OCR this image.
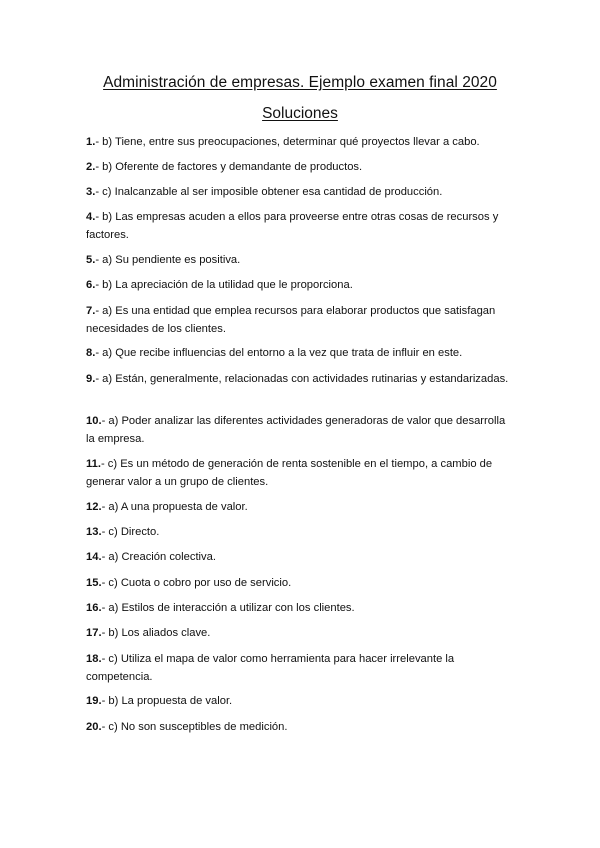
Administración de empresas. Ejemplo examen final 2020
Soluciones

1.- b) Tiene, entre sus preocupaciones, determinar qué proyectos llevar a cabo.

2.- b) Oferente de factores y demandante de productos.

3.- c) Inalcanzable al ser imposible obtener esa cantidad de producción.

4.- b) Las empresas acuden a ellos para proveerse entre otras cosas de recursos y factores.

5.- a) Su pendiente es positiva.

6.- b) La apreciación de la utilidad que le proporciona.

7.- a) Es una entidad que emplea recursos para elaborar productos que satisfagan necesidades de los clientes.

8.- a) Que recibe influencias del entorno a la vez que trata de influir en este.

9.- a) Están, generalmente, relacionadas con actividades rutinarias y estandarizadas.

10.- a) Poder analizar las diferentes actividades generadoras de valor que desarrolla la empresa.

11.- c) Es un método de generación de renta sostenible en el tiempo, a cambio de generar valor a un grupo de clientes.

12.- a) A una propuesta de valor.

13.- c) Directo.

14.- a) Creación colectiva.

15.- c) Cuota o cobro por uso de servicio.

16.- a) Estilos de interacción a utilizar con los clientes.

17.- b) Los aliados clave.

18.- c) Utiliza el mapa de valor como herramienta para hacer irrelevante la competencia.

19.- b) La propuesta de valor.

20.- c) No son susceptibles de medición.
